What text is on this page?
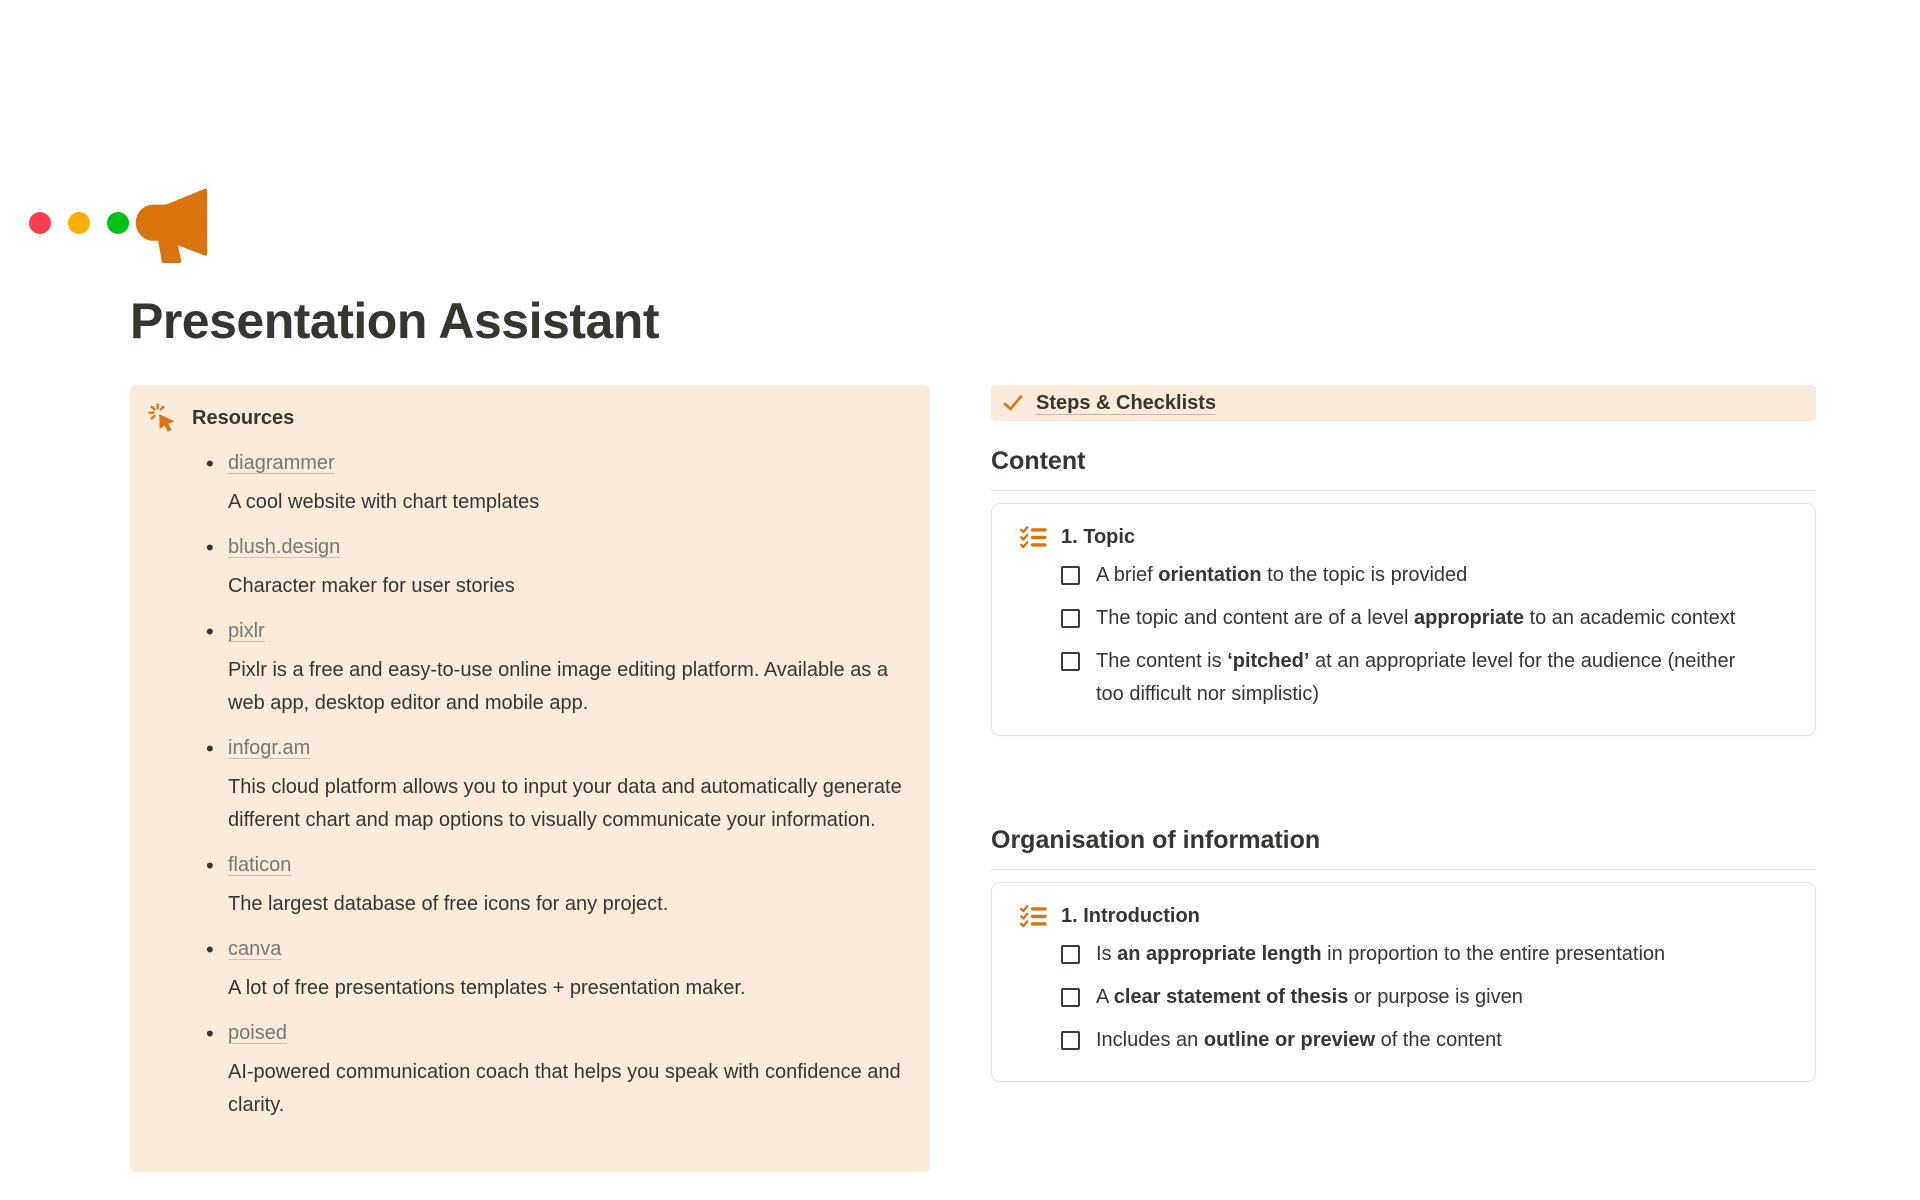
Presentation Assistant
Resources
• diagrammer
A cool website with chart templates
• blush.design
Character maker for user stories
• pixlr
Pixlr is a free and easy-to-use online image editing platform. Available as a web app, desktop editor and mobile app.
• infogr.am
This cloud platform allows you to input your data and automatically generate different chart and map options to visually communicate your information.
• flaticon
The largest database of free icons for any project.
• canva
A lot of free presentations templates + presentation maker.
• poised
AI-powered communication coach that helps you speak with confidence and clarity.
Steps & Checklists
Content
1. Topic
A brief orientation to the topic is provided
The topic and content are of a level appropriate to an academic context
The content is ‘pitched’ at an appropriate level for the audience (neither too difficult nor simplistic)
Organisation of information
1. Introduction
Is an appropriate length in proportion to the entire presentation
A clear statement of thesis or purpose is given
Includes an outline or preview of the content
